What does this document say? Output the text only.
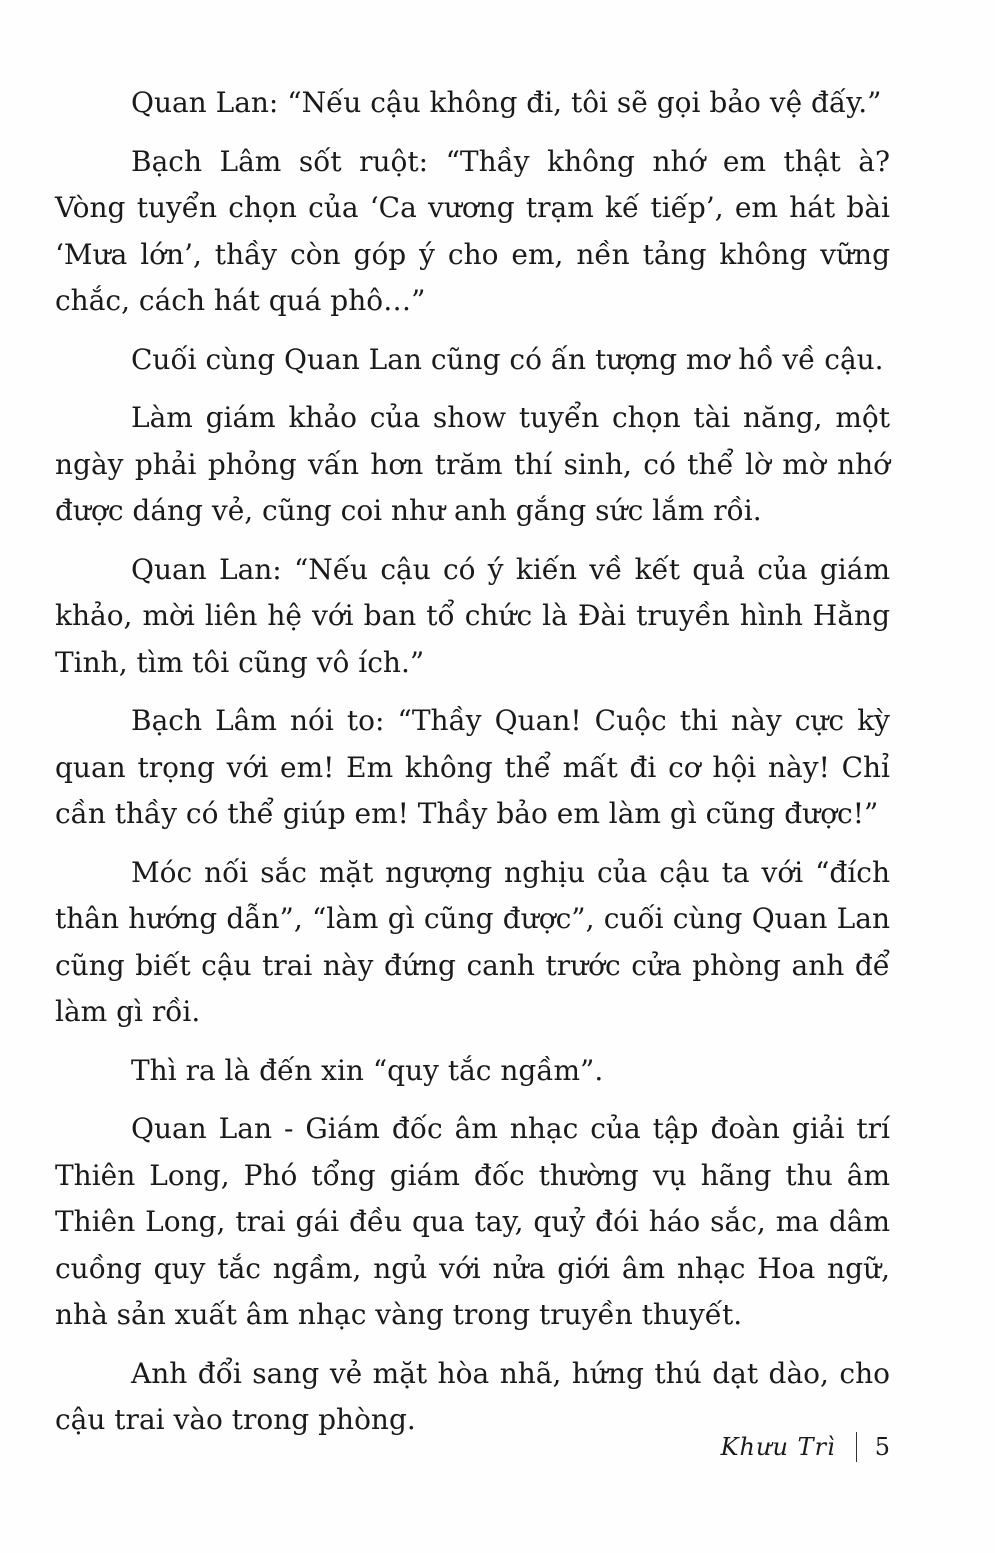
Quan Lan: “Nếu cậu không đi, tôi sẽ gọi bảo vệ đấy.”

Bạch Lâm sốt ruột: “Thầy không nhớ em thật à? Vòng tuyển chọn của ‘Ca vương trạm kế tiếp’, em hát bài ‘Mưa lớn’, thầy còn góp ý cho em, nền tảng không vững chắc, cách hát quá phô…”

Cuối cùng Quan Lan cũng có ấn tượng mơ hồ về cậu.

Làm giám khảo của show tuyển chọn tài năng, một ngày phải phỏng vấn hơn trăm thí sinh, có thể lờ mờ nhớ được dáng vẻ, cũng coi như anh gắng sức lắm rồi.

Quan Lan: “Nếu cậu có ý kiến về kết quả của giám khảo, mời liên hệ với ban tổ chức là Đài truyền hình Hằng Tinh, tìm tôi cũng vô ích.”

Bạch Lâm nói to: “Thầy Quan! Cuộc thi này cực kỳ quan trọng với em! Em không thể mất đi cơ hội này! Chỉ cần thầy có thể giúp em! Thầy bảo em làm gì cũng được!”

Móc nối sắc mặt ngượng nghịu của cậu ta với “đích thân hướng dẫn”, “làm gì cũng được”, cuối cùng Quan Lan cũng biết cậu trai này đứng canh trước cửa phòng anh để làm gì rồi.

Thì ra là đến xin “quy tắc ngầm”.

Quan Lan - Giám đốc âm nhạc của tập đoàn giải trí Thiên Long, Phó tổng giám đốc thường vụ hãng thu âm Thiên Long, trai gái đều qua tay, quỷ đói háo sắc, ma dâm cuồng quy tắc ngầm, ngủ với nửa giới âm nhạc Hoa ngữ, nhà sản xuất âm nhạc vàng trong truyền thuyết.

Anh đổi sang vẻ mặt hòa nhã, hứng thú dạt dào, cho cậu trai vào trong phòng.

Khưu Trì 5
